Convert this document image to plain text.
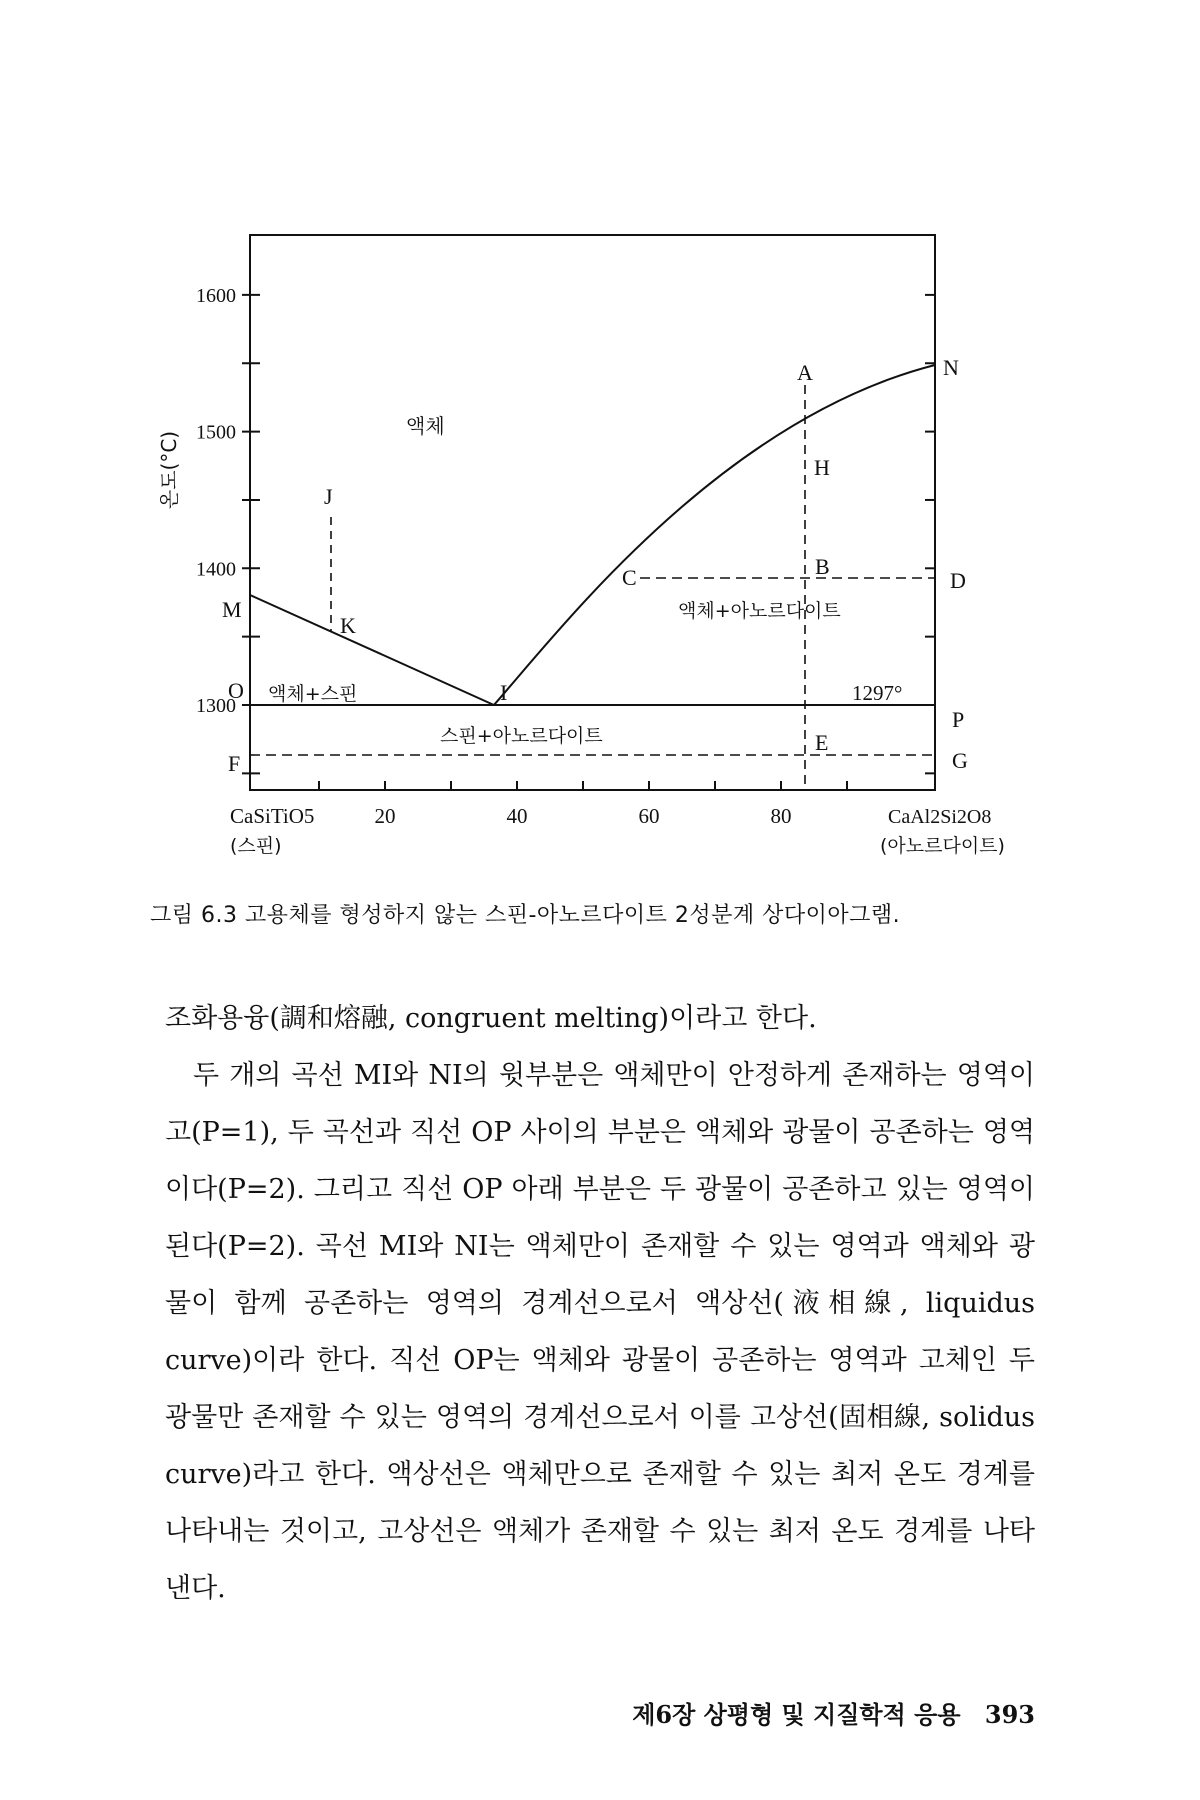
1300
1400
1500
1600
20	40	60	80
온도(°C)
CaSiTiO5
(스핀)
CaAl2Si2O8
(아노르다이트)
A
B
C	D
E
F	G
H
I
J
K
M
N
O
P
액체
액체+스핀
액체+아노르다이트
스핀+아노르다이트
1297°
그림 6.3 고용체를 형성하지 않는 스핀-아노르다이트 2성분계 상다이아그램.

조화용융(調和熔融, congruent melting)이라고 한다.

두 개의 곡선 MI와 NI의 윗부분은 액체만이 안정하게 존재하는 영역이고(P=1), 두 곡선과 직선 OP 사이의 부분은 액체와 광물이 공존하는 영역이다(P=2). 그리고 직선 OP 아래 부분은 두 광물이 공존하고 있는 영역이 된다(P=2). 곡선 MI와 NI는 액체만이 존재할 수 있는 영역과 액체와 광물이 함께 공존하는 영역의 경계선으로서 액상선(液相線, liquidus curve)이라 한다. 직선 OP는 액체와 광물이 공존하는 영역과 고체인 두 광물만 존재할 수 있는 영역의 경계선으로서 이를 고상선(固相線, solidus curve)라고 한다. 액상선은 액체만으로 존재할 수 있는 최저 온도 경계를 나타내는 것이고, 고상선은 액체가 존재할 수 있는 최저 온도 경계를 나타낸다.

제6장 상평형 및 지질학적 응용 393
